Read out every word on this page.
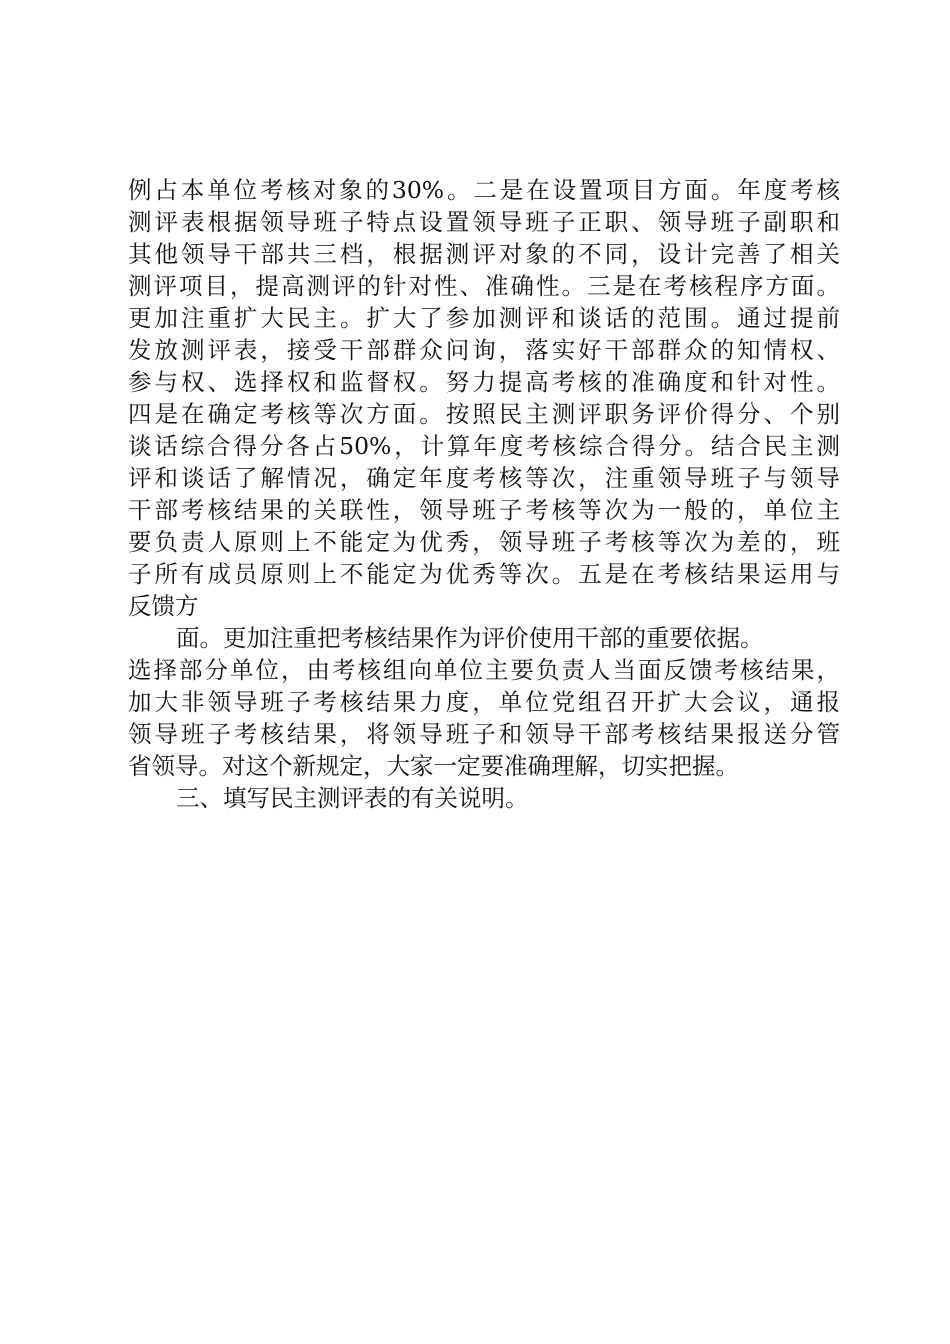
例占本单位考核对象的30%。二是在设置项目方面。年度考核
测评表根据领导班子特点设置领导班子正职、领导班子副职和
其他领导干部共三档，根据测评对象的不同，设计完善了相关
测评项目，提高测评的针对性、准确性。三是在考核程序方面。
更加注重扩大民主。扩大了参加测评和谈话的范围。通过提前
发放测评表，接受干部群众问询，落实好干部群众的知情权、
参与权、选择权和监督权。努力提高考核的准确度和针对性。
四是在确定考核等次方面。按照民主测评职务评价得分、个别
谈话综合得分各占50%，计算年度考核综合得分。结合民主测
评和谈话了解情况，确定年度考核等次，注重领导班子与领导
干部考核结果的关联性，领导班子考核等次为一般的，单位主
要负责人原则上不能定为优秀，领导班子考核等次为差的，班
子所有成员原则上不能定为优秀等次。五是在考核结果运用与
反馈方
面。更加注重把考核结果作为评价使用干部的重要依据。
选择部分单位，由考核组向单位主要负责人当面反馈考核结果，
加大非领导班子考核结果力度，单位党组召开扩大会议，通报
领导班子考核结果，将领导班子和领导干部考核结果报送分管
省领导。对这个新规定，大家一定要准确理解，切实把握。
三、填写民主测评表的有关说明。
